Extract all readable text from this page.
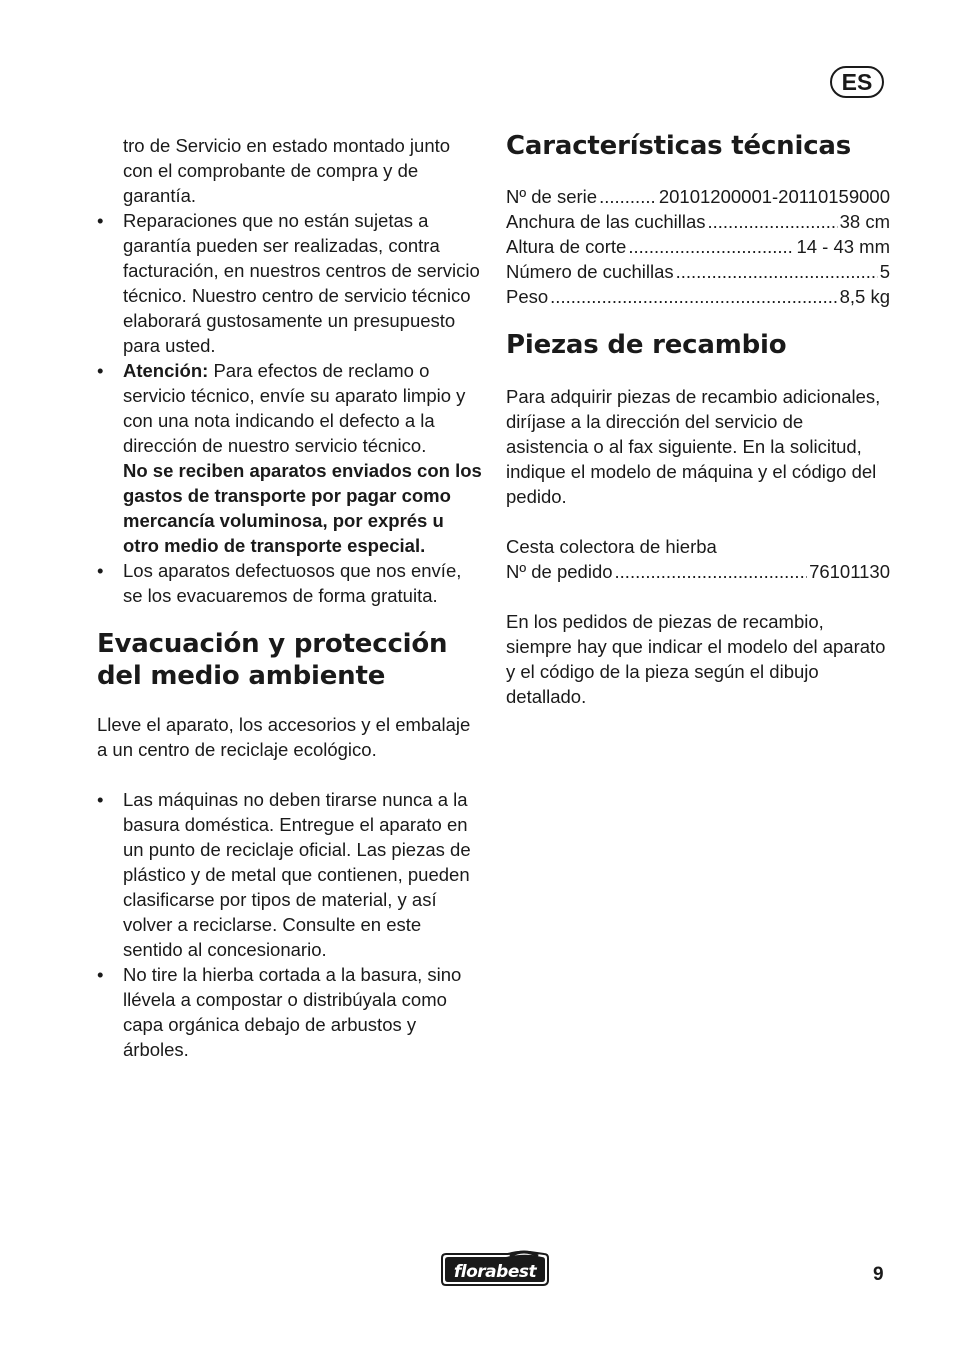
ES

tro de Servicio en estado montado junto con el comprobante de compra y de garantía.

• Reparaciones que no están sujetas a garantía pueden ser realizadas, contra facturación, en nuestros centros de servicio técnico. Nuestro centro de servicio técnico elaborará gustosamente un presupuesto para usted.
• Atención: Para efectos de reclamo o servicio técnico, envíe su aparato limpio y con una nota indicando el defecto a la dirección de nuestro servicio técnico.
No se reciben aparatos enviados con los gastos de transporte por pagar como mercancía voluminosa, por exprés u otro medio de transporte especial.
• Los aparatos defectuosos que nos envíe, se los evacuaremos de forma gratuita.
Evacuación y protección del medio ambiente

Lleve el aparato, los accesorios y el embalaje a un centro de reciclaje ecológico.

• Las máquinas no deben tirarse nunca a la basura doméstica. Entregue el aparato en un punto de reciclaje oficial. Las piezas de plástico y de metal que contienen, pueden clasificarse por tipos de material, y así volver a reciclarse. Consulte en este sentido al concesionario.
• No tire la hierba cortada a la basura, sino llévela a compostar o distribúyala como capa orgánica debajo de arbustos y árboles.
Características técnicas
Nº de serie .....	20101200001-20110159000
Anchura de las cuchillas .....	38 cm
Altura de corte .....	14 - 43 mm
Número de cuchillas .....	5
Peso .....	8,5 kg
Piezas de recambio

Para adquirir piezas de recambio adicionales, diríjase a la dirección del servicio de asistencia o al fax siguiente. En la solicitud, indique el modelo de máquina y el código del pedido.

Cesta colectora de hierba

Nº de pedido .....	76101130

En los pedidos de piezas de recambio, siempre hay que indicar el modelo del aparato y el código de la pieza según el dibujo detallado.

florabest	9
